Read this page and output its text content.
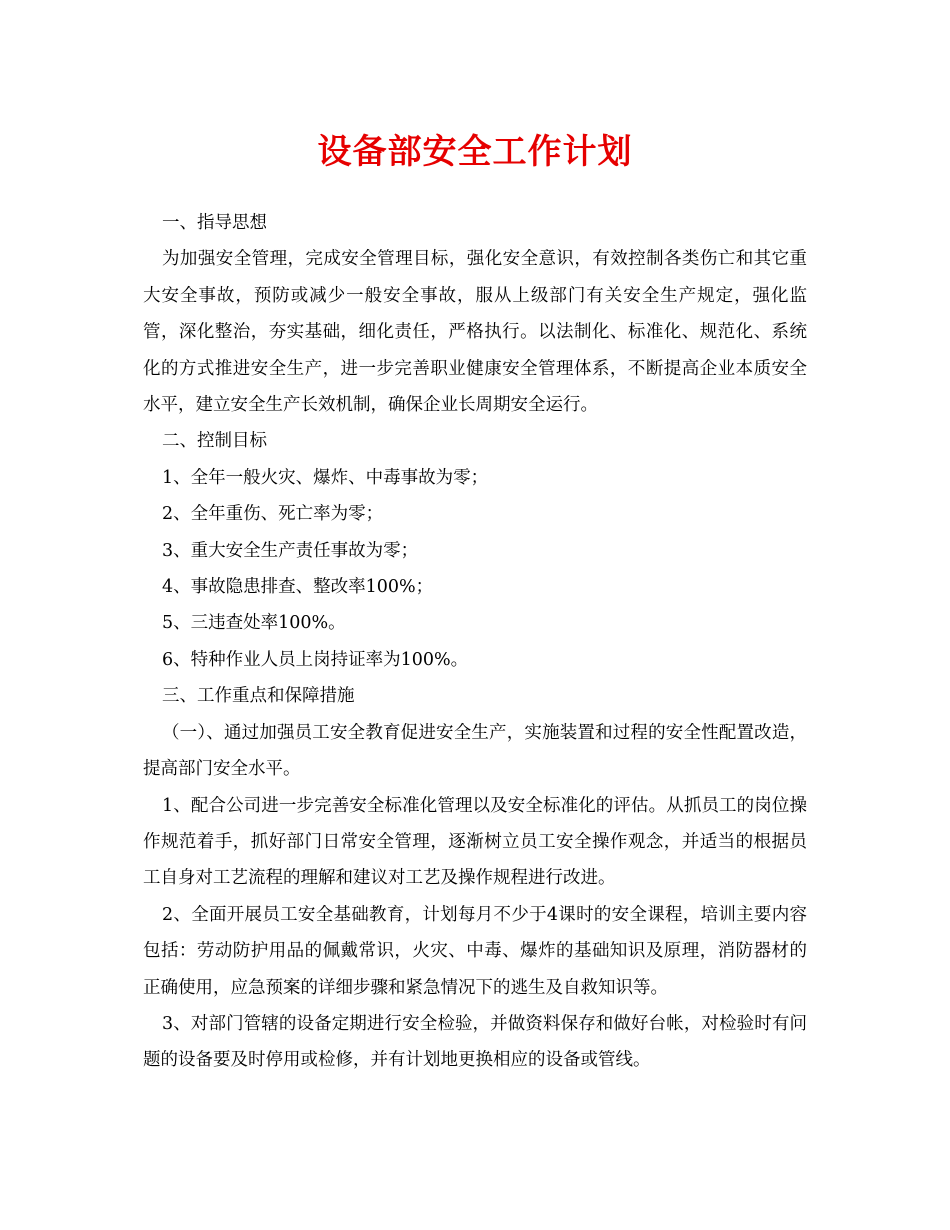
设备部安全工作计划

一、指导思想

为加强安全管理，完成安全管理目标，强化安全意识，有效控制各类伤亡和其它重大安全事故，预防或减少一般安全事故，服从上级部门有关安全生产规定，强化监管，深化整治，夯实基础，细化责任，严格执行。以法制化、标准化、规范化、系统化的方式推进安全生产，进一步完善职业健康安全管理体系，不断提高企业本质安全水平，建立安全生产长效机制，确保企业长周期安全运行。

二、控制目标

1、全年一般火灾、爆炸、中毒事故为零；

2、全年重伤、死亡率为零；

3、重大安全生产责任事故为零；

4、事故隐患排查、整改率100%；

5、三违查处率100%。

6、特种作业人员上岗持证率为100%。

三、工作重点和保障措施

（一）、通过加强员工安全教育促进安全生产，实施装置和过程的安全性配置改造，提高部门安全水平。

1、配合公司进一步完善安全标准化管理以及安全标准化的评估。从抓员工的岗位操作规范着手，抓好部门日常安全管理，逐渐树立员工安全操作观念，并适当的根据员工自身对工艺流程的理解和建议对工艺及操作规程进行改进。

2、全面开展员工安全基础教育，计划每月不少于4课时的安全课程，培训主要内容包括：劳动防护用品的佩戴常识，火灾、中毒、爆炸的基础知识及原理，消防器材的正确使用，应急预案的详细步骤和紧急情况下的逃生及自救知识等。

3、对部门管辖的设备定期进行安全检验，并做资料保存和做好台帐，对检验时有问题的设备要及时停用或检修，并有计划地更换相应的设备或管线。
